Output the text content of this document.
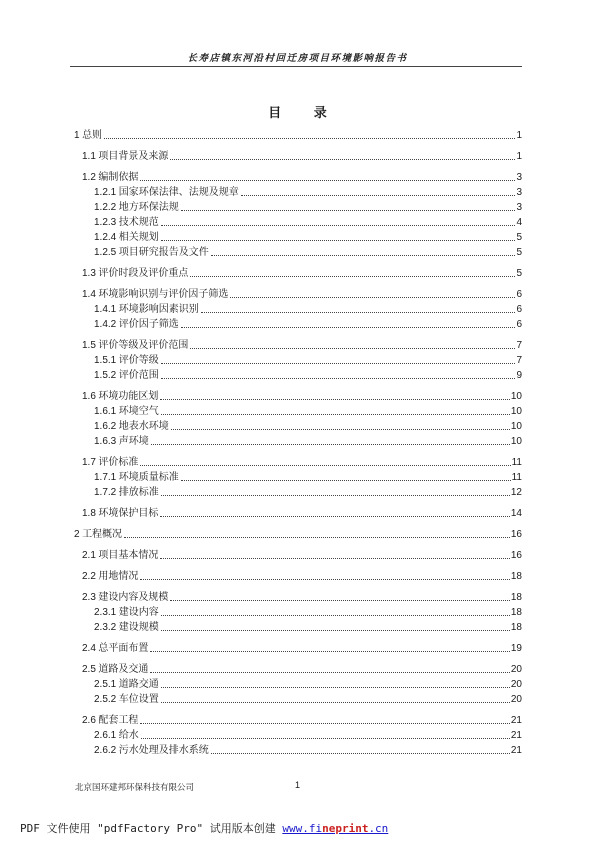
长寿店镇东河沿村回迁房项目环境影响报告书
目 录
1 总则	1
1.1 项目背景及来源	1
1.2 编制依据	3
1.2.1 国家环保法律、法规及规章	3
1.2.2 地方环保法规	3
1.2.3 技术规范	4
1.2.4 相关规划	5
1.2.5 项目研究报告及文件	5
1.3 评价时段及评价重点	5
1.4 环境影响识别与评价因子筛选	6
1.4.1 环境影响因素识别	6
1.4.2 评价因子筛选	6
1.5 评价等级及评价范围	7
1.5.1 评价等级	7
1.5.2 评价范围	9
1.6 环境功能区划	10
1.6.1 环境空气	10
1.6.2 地表水环境	10
1.6.3 声环境	10
1.7 评价标准	11
1.7.1 环境质量标准	11
1.7.2 排放标准	12
1.8 环境保护目标	14
2 工程概况	16
2.1 项目基本情况	16
2.2 用地情况	18
2.3 建设内容及规模	18
2.3.1 建设内容	18
2.3.2 建设规模	18
2.4 总平面布置	19
2.5 道路及交通	20
2.5.1 道路交通	20
2.5.2 车位设置	20
2.6 配套工程	21
2.6.1 给水	21
2.6.2 污水处理及排水系统	21
北京国环建邦环保科技有限公司	1
PDF 文件使用 "pdfFactory Pro" 试用版本创建 www.fineprint.cn
